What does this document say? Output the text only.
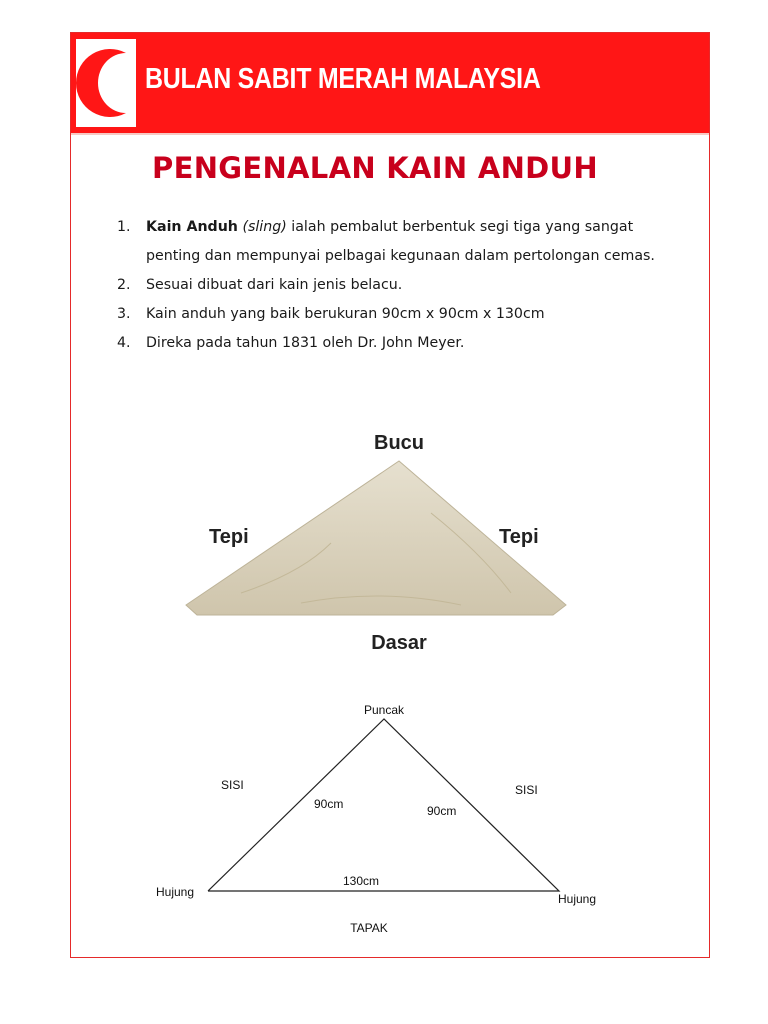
BULAN SABIT MERAH MALAYSIA
PENGENALAN KAIN ANDUH
1.	Kain Anduh (sling) ialah pembalut berbentuk segi tiga yang sangat penting dan mempunyai pelbagai kegunaan dalam pertolongan cemas.
2.	Sesuai dibuat dari kain jenis belacu.
3.	Kain anduh yang baik berukuran 90cm x 90cm x 130cm
4.	Direka pada tahun 1831 oleh Dr. John Meyer.
Bucu
Tepi	Tepi
Dasar
Puncak
SISI	SISI
90cm	90cm
130cm
Hujung	Hujung
TAPAK
